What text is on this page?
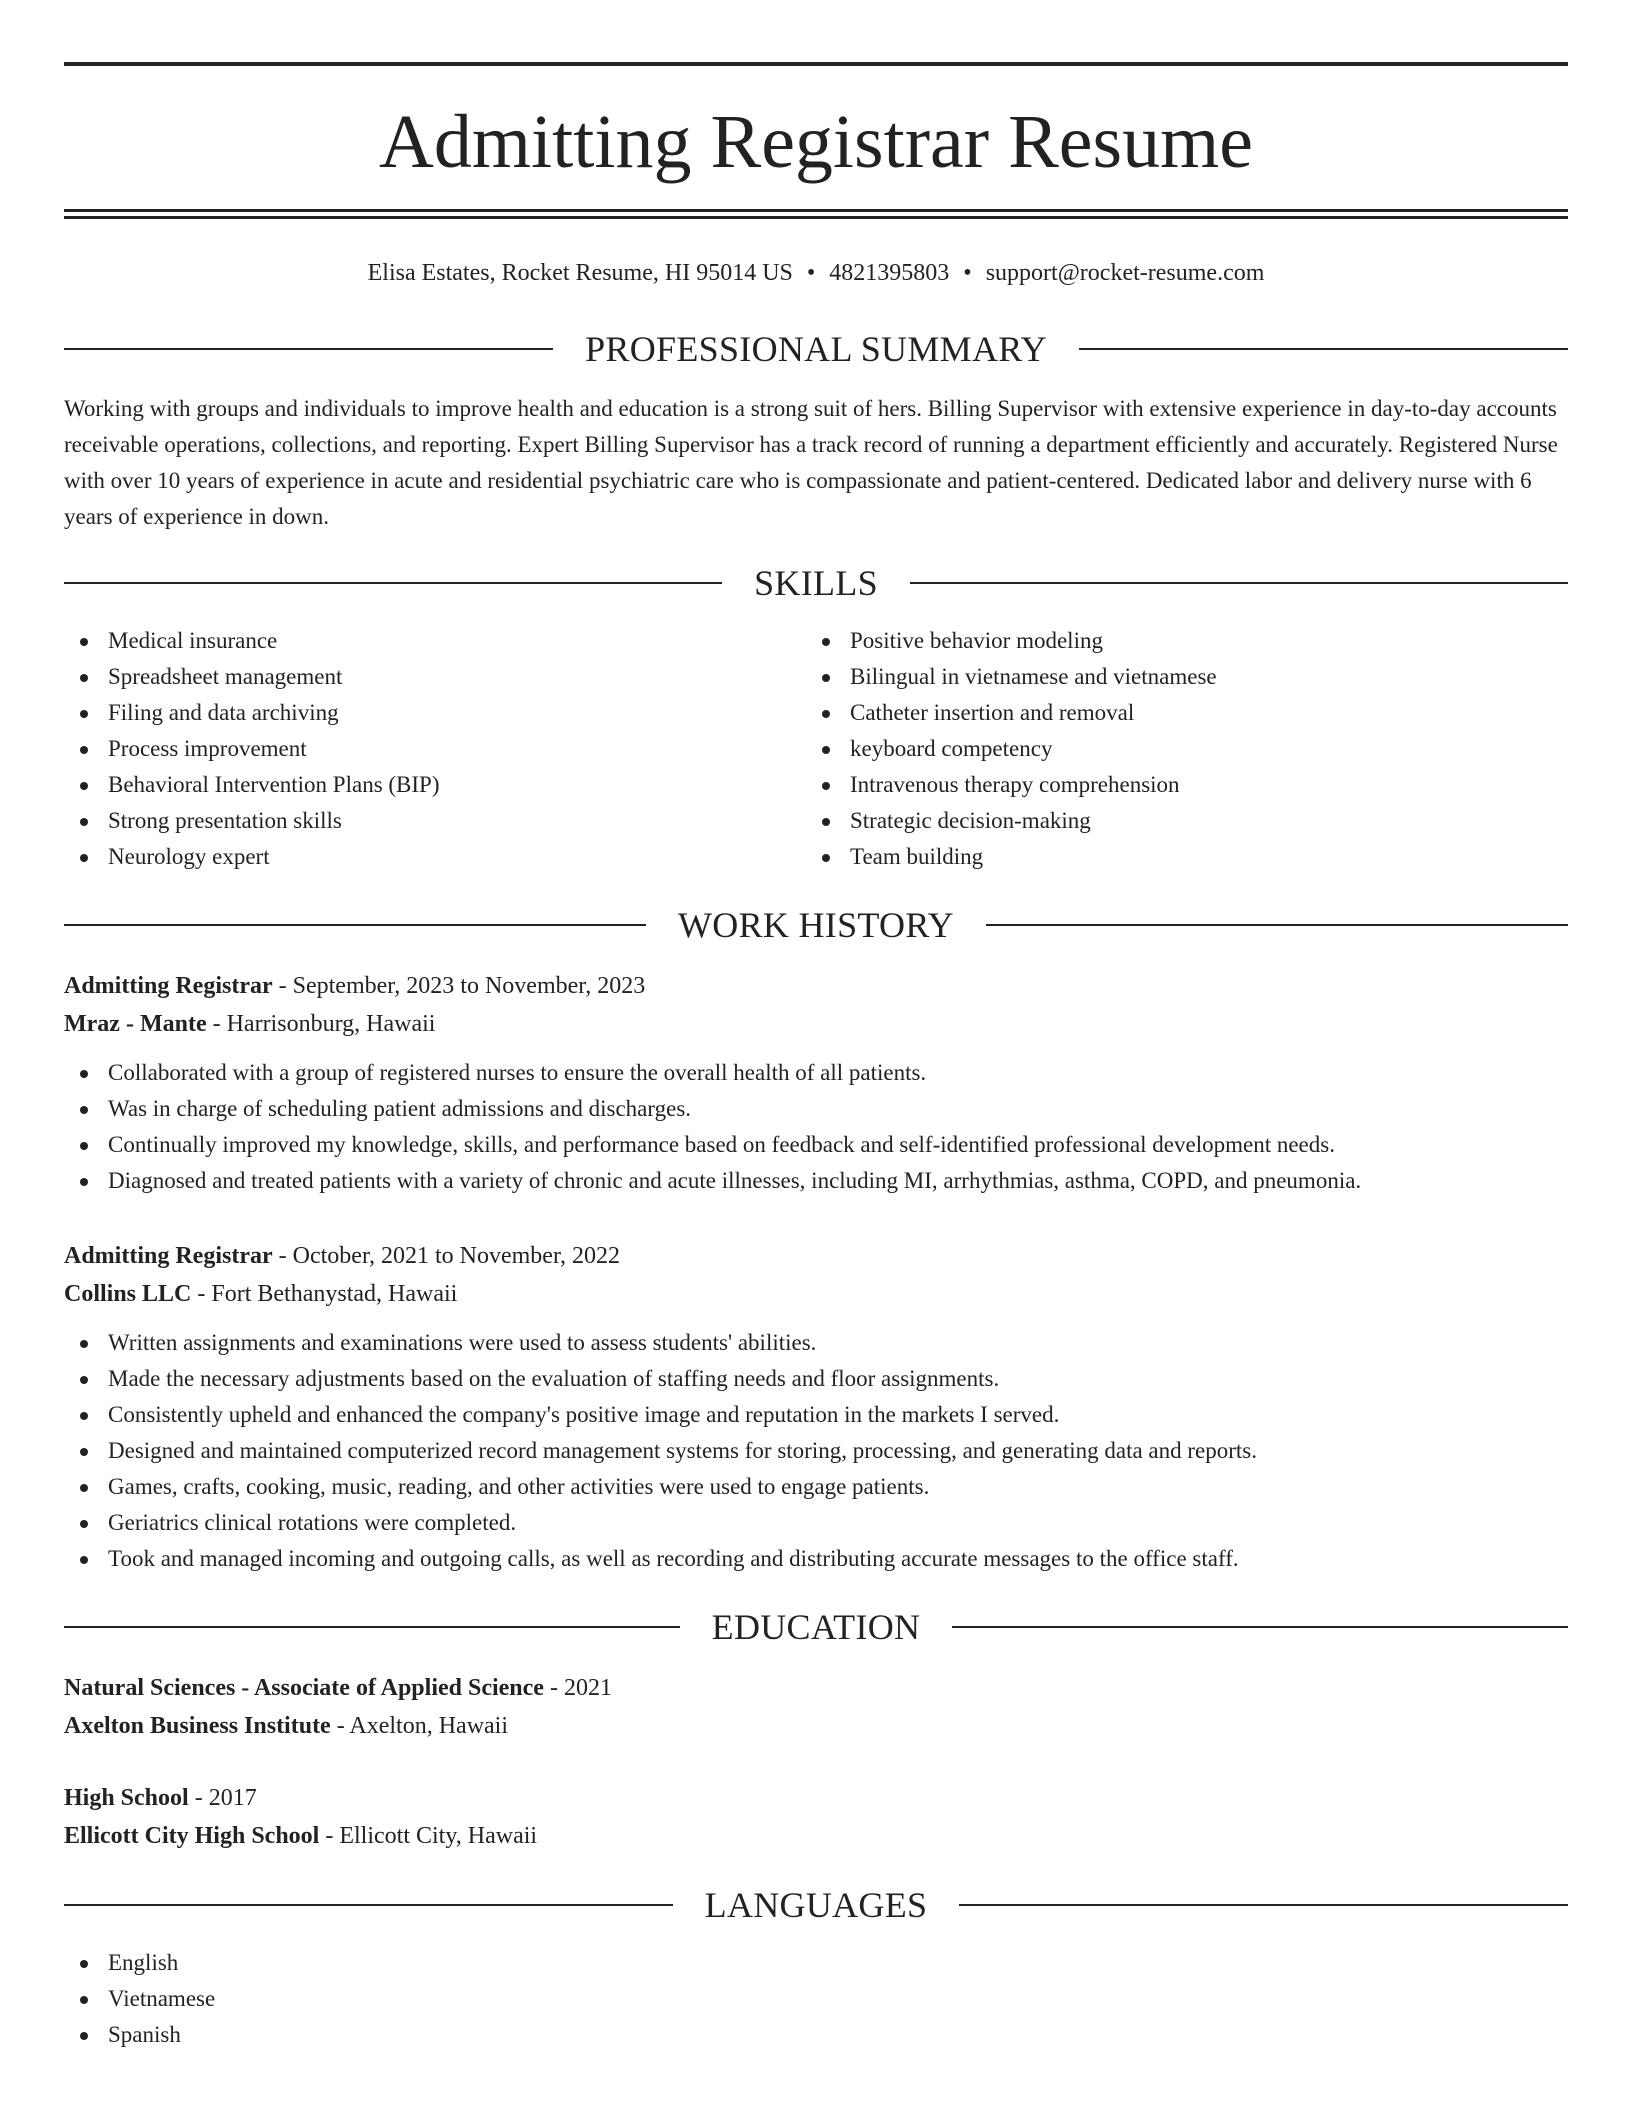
Admitting Registrar Resume
Elisa Estates, Rocket Resume, HI 95014 US • 4821395803 • support@rocket-resume.com
PROFESSIONAL SUMMARY

Working with groups and individuals to improve health and education is a strong suit of hers. Billing Supervisor with extensive experience in day-to-day accounts receivable operations, collections, and reporting. Expert Billing Supervisor has a track record of running a department efficiently and accurately. Registered Nurse with over 10 years of experience in acute and residential psychiatric care who is compassionate and patient-centered. Dedicated labor and delivery nurse with 6 years of experience in down.

SKILLS
Medical insurance
Spreadsheet management
Filing and data archiving
Process improvement
Behavioral Intervention Plans (BIP)
Strong presentation skills
Neurology expert
Positive behavior modeling
Bilingual in vietnamese and vietnamese
Catheter insertion and removal
keyboard competency
Intravenous therapy comprehension
Strategic decision-making
Team building
WORK HISTORY
Admitting Registrar - September, 2023 to November, 2023
Mraz - Mante - Harrisonburg, Hawaii
Collaborated with a group of registered nurses to ensure the overall health of all patients.
Was in charge of scheduling patient admissions and discharges.
Continually improved my knowledge, skills, and performance based on feedback and self-identified professional development needs.
Diagnosed and treated patients with a variety of chronic and acute illnesses, including MI, arrhythmias, asthma, COPD, and pneumonia.
Admitting Registrar - October, 2021 to November, 2022
Collins LLC - Fort Bethanystad, Hawaii
Written assignments and examinations were used to assess students' abilities.
Made the necessary adjustments based on the evaluation of staffing needs and floor assignments.
Consistently upheld and enhanced the company's positive image and reputation in the markets I served.
Designed and maintained computerized record management systems for storing, processing, and generating data and reports.
Games, crafts, cooking, music, reading, and other activities were used to engage patients.
Geriatrics clinical rotations were completed.
Took and managed incoming and outgoing calls, as well as recording and distributing accurate messages to the office staff.
EDUCATION
Natural Sciences - Associate of Applied Science - 2021
Axelton Business Institute - Axelton, Hawaii
High School - 2017
Ellicott City High School - Ellicott City, Hawaii
LANGUAGES
English
Vietnamese
Spanish
